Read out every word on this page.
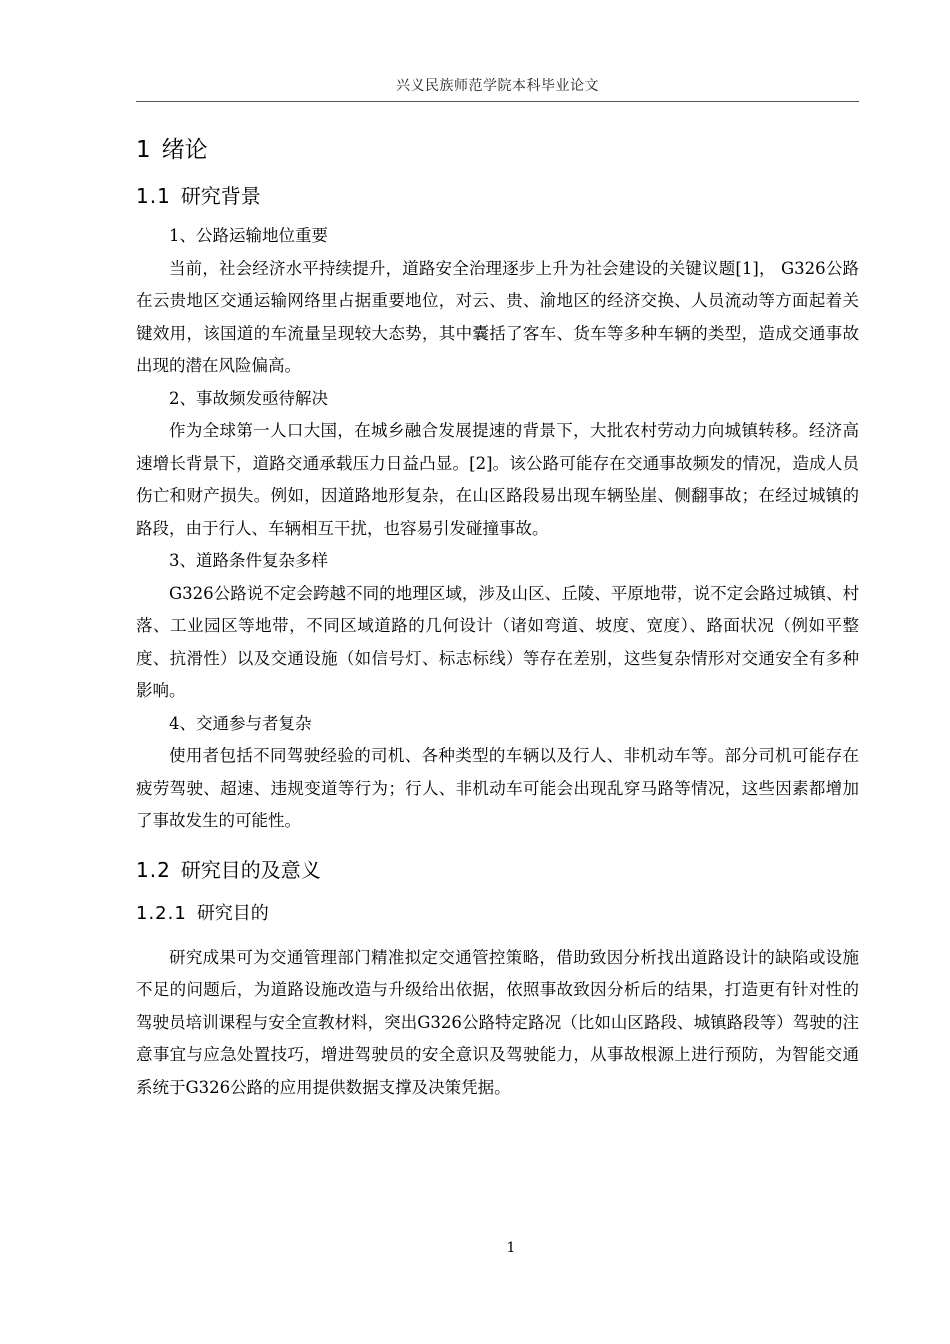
兴义民族师范学院本科毕业论文
1 绪论
1.1 研究背景

1、公路运输地位重要

当前，社会经济水平持续提升，道路安全治理逐步上升为社会建设的关键议题[1]， G326公路在云贵地区交通运输网络里占据重要地位，对云、贵、渝地区的经济交换、人员流动等方面起着关键效用，该国道的车流量呈现较大态势，其中囊括了客车、货车等多种车辆的类型，造成交通事故出现的潜在风险偏高。

2、事故频发亟待解决

作为全球第一人口大国，在城乡融合发展提速的背景下，大批农村劳动力向城镇转移。经济高速增长背景下，道路交通承载压力日益凸显。[2]。该公路可能存在交通事故频发的情况，造成人员伤亡和财产损失。例如，因道路地形复杂，在山区路段易出现车辆坠崖、侧翻事故；在经过城镇的路段，由于行人、车辆相互干扰，也容易引发碰撞事故。

3、道路条件复杂多样

G326公路说不定会跨越不同的地理区域，涉及山区、丘陵、平原地带，说不定会路过城镇、村落、工业园区等地带，不同区域道路的几何设计（诸如弯道、坡度、宽度）、路面状况（例如平整度、抗滑性）以及交通设施（如信号灯、标志标线）等存在差别，这些复杂情形对交通安全有多种影响。

4、交通参与者复杂

使用者包括不同驾驶经验的司机、各种类型的车辆以及行人、非机动车等。部分司机可能存在疲劳驾驶、超速、违规变道等行为；行人、非机动车可能会出现乱穿马路等情况，这些因素都增加了事故发生的可能性。

1.2 研究目的及意义
1.2.1 研究目的

研究成果可为交通管理部门精准拟定交通管控策略，借助致因分析找出道路设计的缺陷或设施不足的问题后，为道路设施改造与升级给出依据，依照事故致因分析后的结果，打造更有针对性的驾驶员培训课程与安全宣教材料，突出G326公路特定路况（比如山区路段、城镇路段等）驾驶的注意事宜与应急处置技巧，增进驾驶员的安全意识及驾驶能力，从事故根源上进行预防，为智能交通系统于G326公路的应用提供数据支撑及决策凭据。

1
